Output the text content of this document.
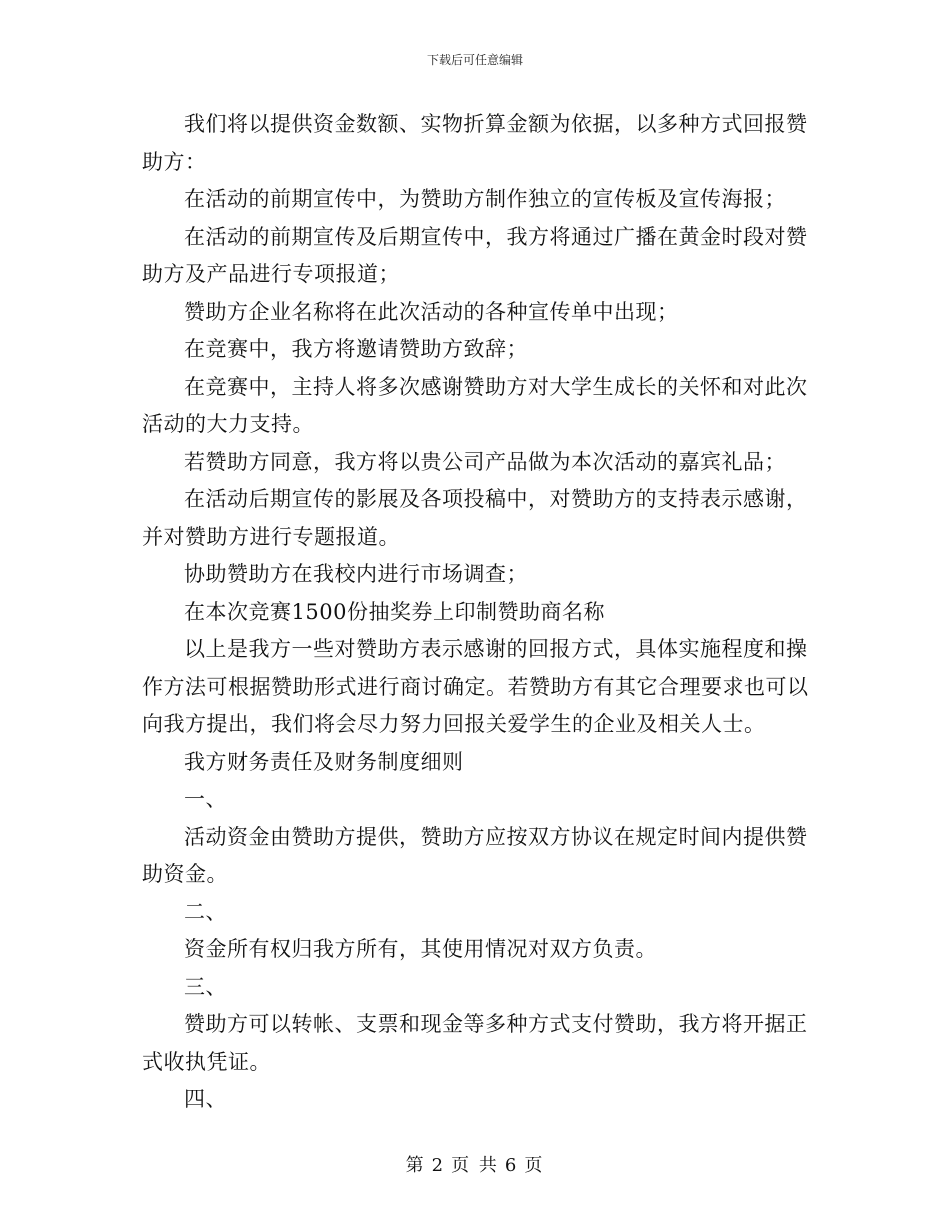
下载后可任意编辑

我们将以提供资金数额、实物折算金额为依据，以多种方式回报赞助方：

在活动的前期宣传中，为赞助方制作独立的宣传板及宣传海报；

在活动的前期宣传及后期宣传中，我方将通过广播在黄金时段对赞助方及产品进行专项报道；

赞助方企业名称将在此次活动的各种宣传单中出现；

在竞赛中，我方将邀请赞助方致辞；

在竞赛中，主持人将多次感谢赞助方对大学生成长的关怀和对此次活动的大力支持。

若赞助方同意，我方将以贵公司产品做为本次活动的嘉宾礼品；

在活动后期宣传的影展及各项投稿中，对赞助方的支持表示感谢，并对赞助方进行专题报道。

协助赞助方在我校内进行市场调查；

在本次竞赛1500份抽奖券上印制赞助商名称

以上是我方一些对赞助方表示感谢的回报方式，具体实施程度和操作方法可根据赞助形式进行商讨确定。若赞助方有其它合理要求也可以向我方提出，我们将会尽力努力回报关爱学生的企业及相关人士。

我方财务责任及财务制度细则

一、

活动资金由赞助方提供，赞助方应按双方协议在规定时间内提供赞助资金。

二、

资金所有权归我方所有，其使用情况对双方负责。

三、

赞助方可以转帐、支票和现金等多种方式支付赞助，我方将开据正式收执凭证。

四、

第 2 页 共 6 页
